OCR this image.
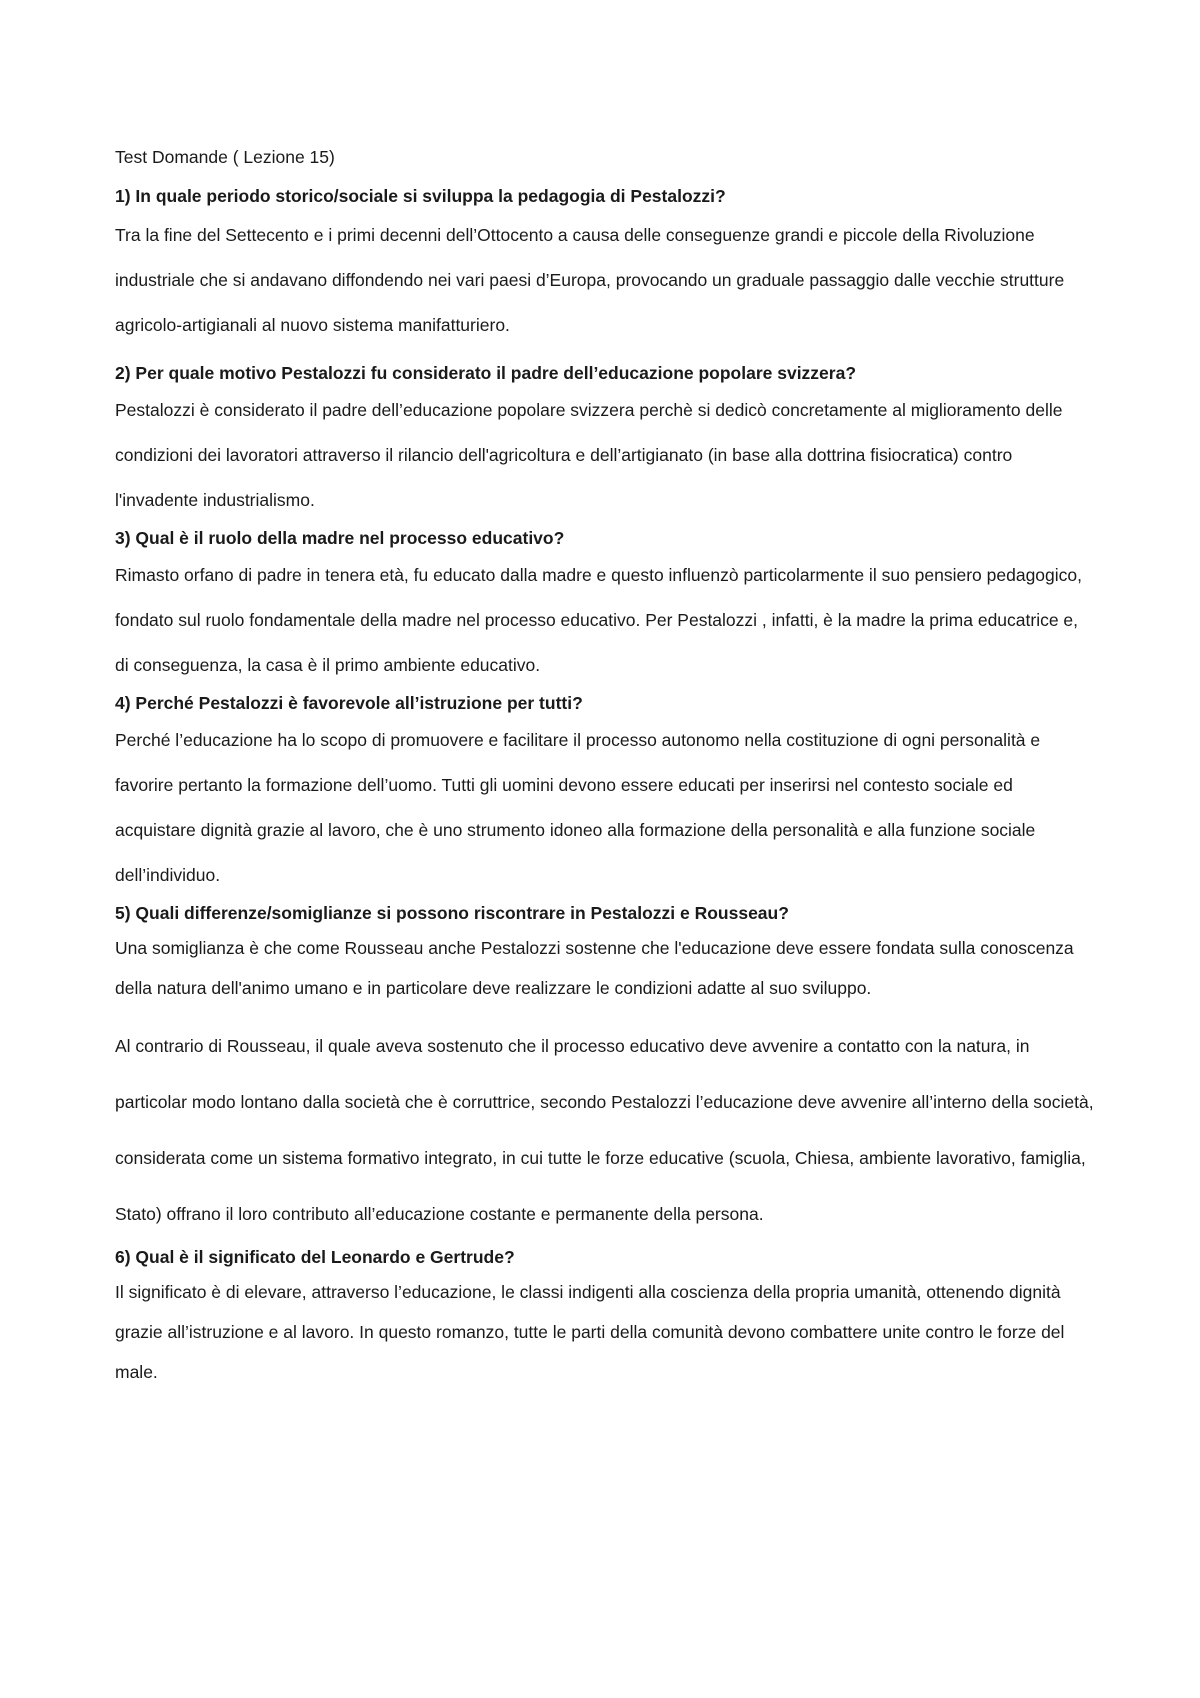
Test Domande ( Lezione 15)

1) In quale periodo storico/sociale si sviluppa la pedagogia di Pestalozzi?

Tra la fine del Settecento e i primi decenni dell’Ottocento a causa delle conseguenze grandi e piccole della Rivoluzione industriale che si andavano diffondendo nei vari paesi d’Europa, provocando un graduale passaggio dalle vecchie strutture agricolo-artigianali al nuovo sistema manifatturiero.

2) Per quale motivo Pestalozzi fu considerato il padre dell’educazione popolare svizzera?

Pestalozzi è considerato il padre dell’educazione popolare svizzera perchè si dedicò concretamente al miglioramento delle condizioni dei lavoratori attraverso il rilancio dell'agricoltura e dell’artigianato (in base alla dottrina fisiocratica) contro l'invadente industrialismo.

3) Qual è il ruolo della madre nel processo educativo?

Rimasto orfano di padre in tenera età, fu educato dalla madre e questo influenzò particolarmente il suo pensiero pedagogico, fondato sul ruolo fondamentale della madre nel processo educativo. Per Pestalozzi , infatti, è la madre la prima educatrice e, di conseguenza, la casa è il primo ambiente educativo.

4) Perché Pestalozzi è favorevole all’istruzione per tutti?

Perché l’educazione ha lo scopo di promuovere e facilitare il processo autonomo nella costituzione di ogni personalità e favorire pertanto la formazione dell’uomo. Tutti gli uomini devono essere educati per inserirsi nel contesto sociale ed acquistare dignità grazie al lavoro, che è uno strumento idoneo alla formazione della personalità e alla funzione sociale dell’individuo.

5) Quali differenze/somiglianze si possono riscontrare in Pestalozzi e Rousseau?

Una somiglianza è che come Rousseau anche Pestalozzi sostenne che l'educazione deve essere fondata sulla conoscenza della natura dell'animo umano e in particolare deve realizzare le condizioni adatte al suo sviluppo.

Al contrario di Rousseau, il quale aveva sostenuto che il processo educativo deve avvenire a contatto con la natura, in particolar modo lontano dalla società che è corruttrice, secondo Pestalozzi l’educazione deve avvenire all’interno della società, considerata come un sistema formativo integrato, in cui tutte le forze educative (scuola, Chiesa, ambiente lavorativo, famiglia, Stato) offrano il loro contributo all’educazione costante e permanente della persona.

6) Qual è il significato del Leonardo e Gertrude?

Il significato è di elevare, attraverso l’educazione, le classi indigenti alla coscienza della propria umanità, ottenendo dignità grazie all’istruzione e al lavoro. In questo romanzo, tutte le parti della comunità devono combattere unite contro le forze del male.
